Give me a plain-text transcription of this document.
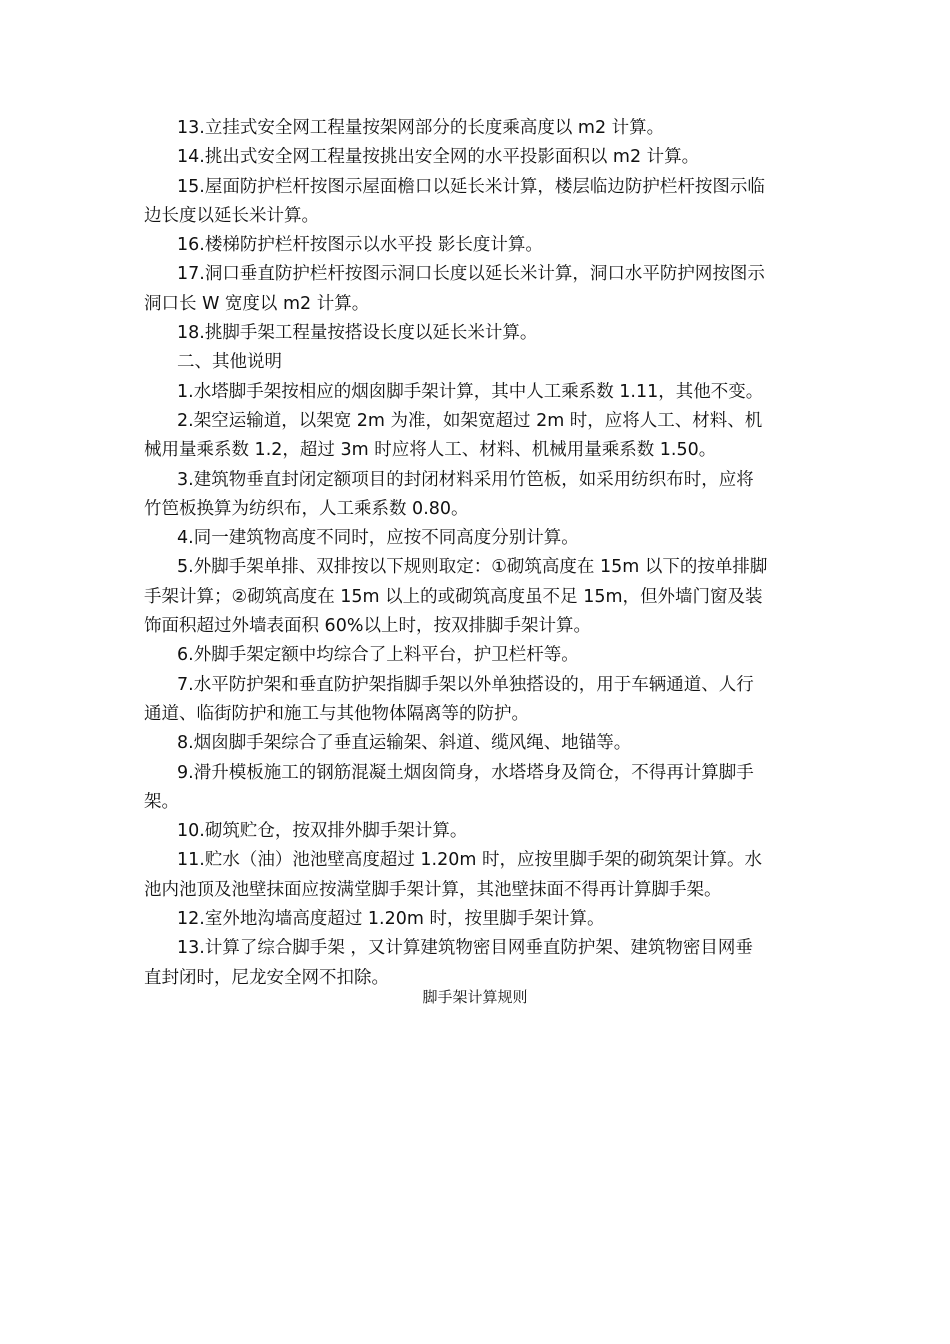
13.立挂式安全网工程量按架网部分的长度乘高度以 m2 计算。

14.挑出式安全网工程量按挑出安全网的水平投影面积以 m2 计算。

15.屋面防护栏杆按图示屋面檐口以延长米计算，楼层临边防护栏杆按图示临
边长度以延长米计算。

16.楼梯防护栏杆按图示以水平投 影长度计算。

17.洞口垂直防护栏杆按图示洞口长度以延长米计算，洞口水平防护网按图示
洞口长 W 宽度以 m2 计算。

18.挑脚手架工程量按搭设长度以延长米计算。

二、其他说明

1.水塔脚手架按相应的烟囱脚手架计算，其中人工乘系数 1.11，其他不变。

2.架空运输道，以架宽 2m 为准，如架宽超过 2m 时，应将人工、材料、机
械用量乘系数 1.2，超过 3m 时应将人工、材料、机械用量乘系数 1.50。

3.建筑物垂直封闭定额项目的封闭材料采用竹笆板，如采用纺织布时，应将
竹笆板换算为纺织布，人工乘系数 0.80。

4.同一建筑物高度不同时，应按不同高度分别计算。

5.外脚手架单排、双排按以下规则取定：①砌筑高度在 15m 以下的按单排脚
手架计算；②砌筑高度在 15m 以上的或砌筑高度虽不足 15m，但外墙门窗及装
饰面积超过外墙表面积 60%以上时，按双排脚手架计算。

6.外脚手架定额中均综合了上料平台，护卫栏杆等。

7.水平防护架和垂直防护架指脚手架以外单独搭设的，用于车辆通道、人行
通道、临街防护和施工与其他物体隔离等的防护。

8.烟囱脚手架综合了垂直运输架、斜道、缆风绳、地锚等。

9.滑升模板施工的钢筋混凝土烟囱筒身，水塔塔身及筒仓，不得再计算脚手
架。

10.砌筑贮仓，按双排外脚手架计算。

11.贮水（油）池池壁高度超过 1.20m 时，应按里脚手架的砌筑架计算。水
池内池顶及池壁抹面应按满堂脚手架计算，其池壁抹面不得再计算脚手架。

12.室外地沟墙高度超过 1.20m 时，按里脚手架计算。

13.计算了综合脚手架 ，又计算建筑物密目网垂直防护架、建筑物密目网垂
直封闭时，尼龙安全网不扣除。

脚手架计算规则
